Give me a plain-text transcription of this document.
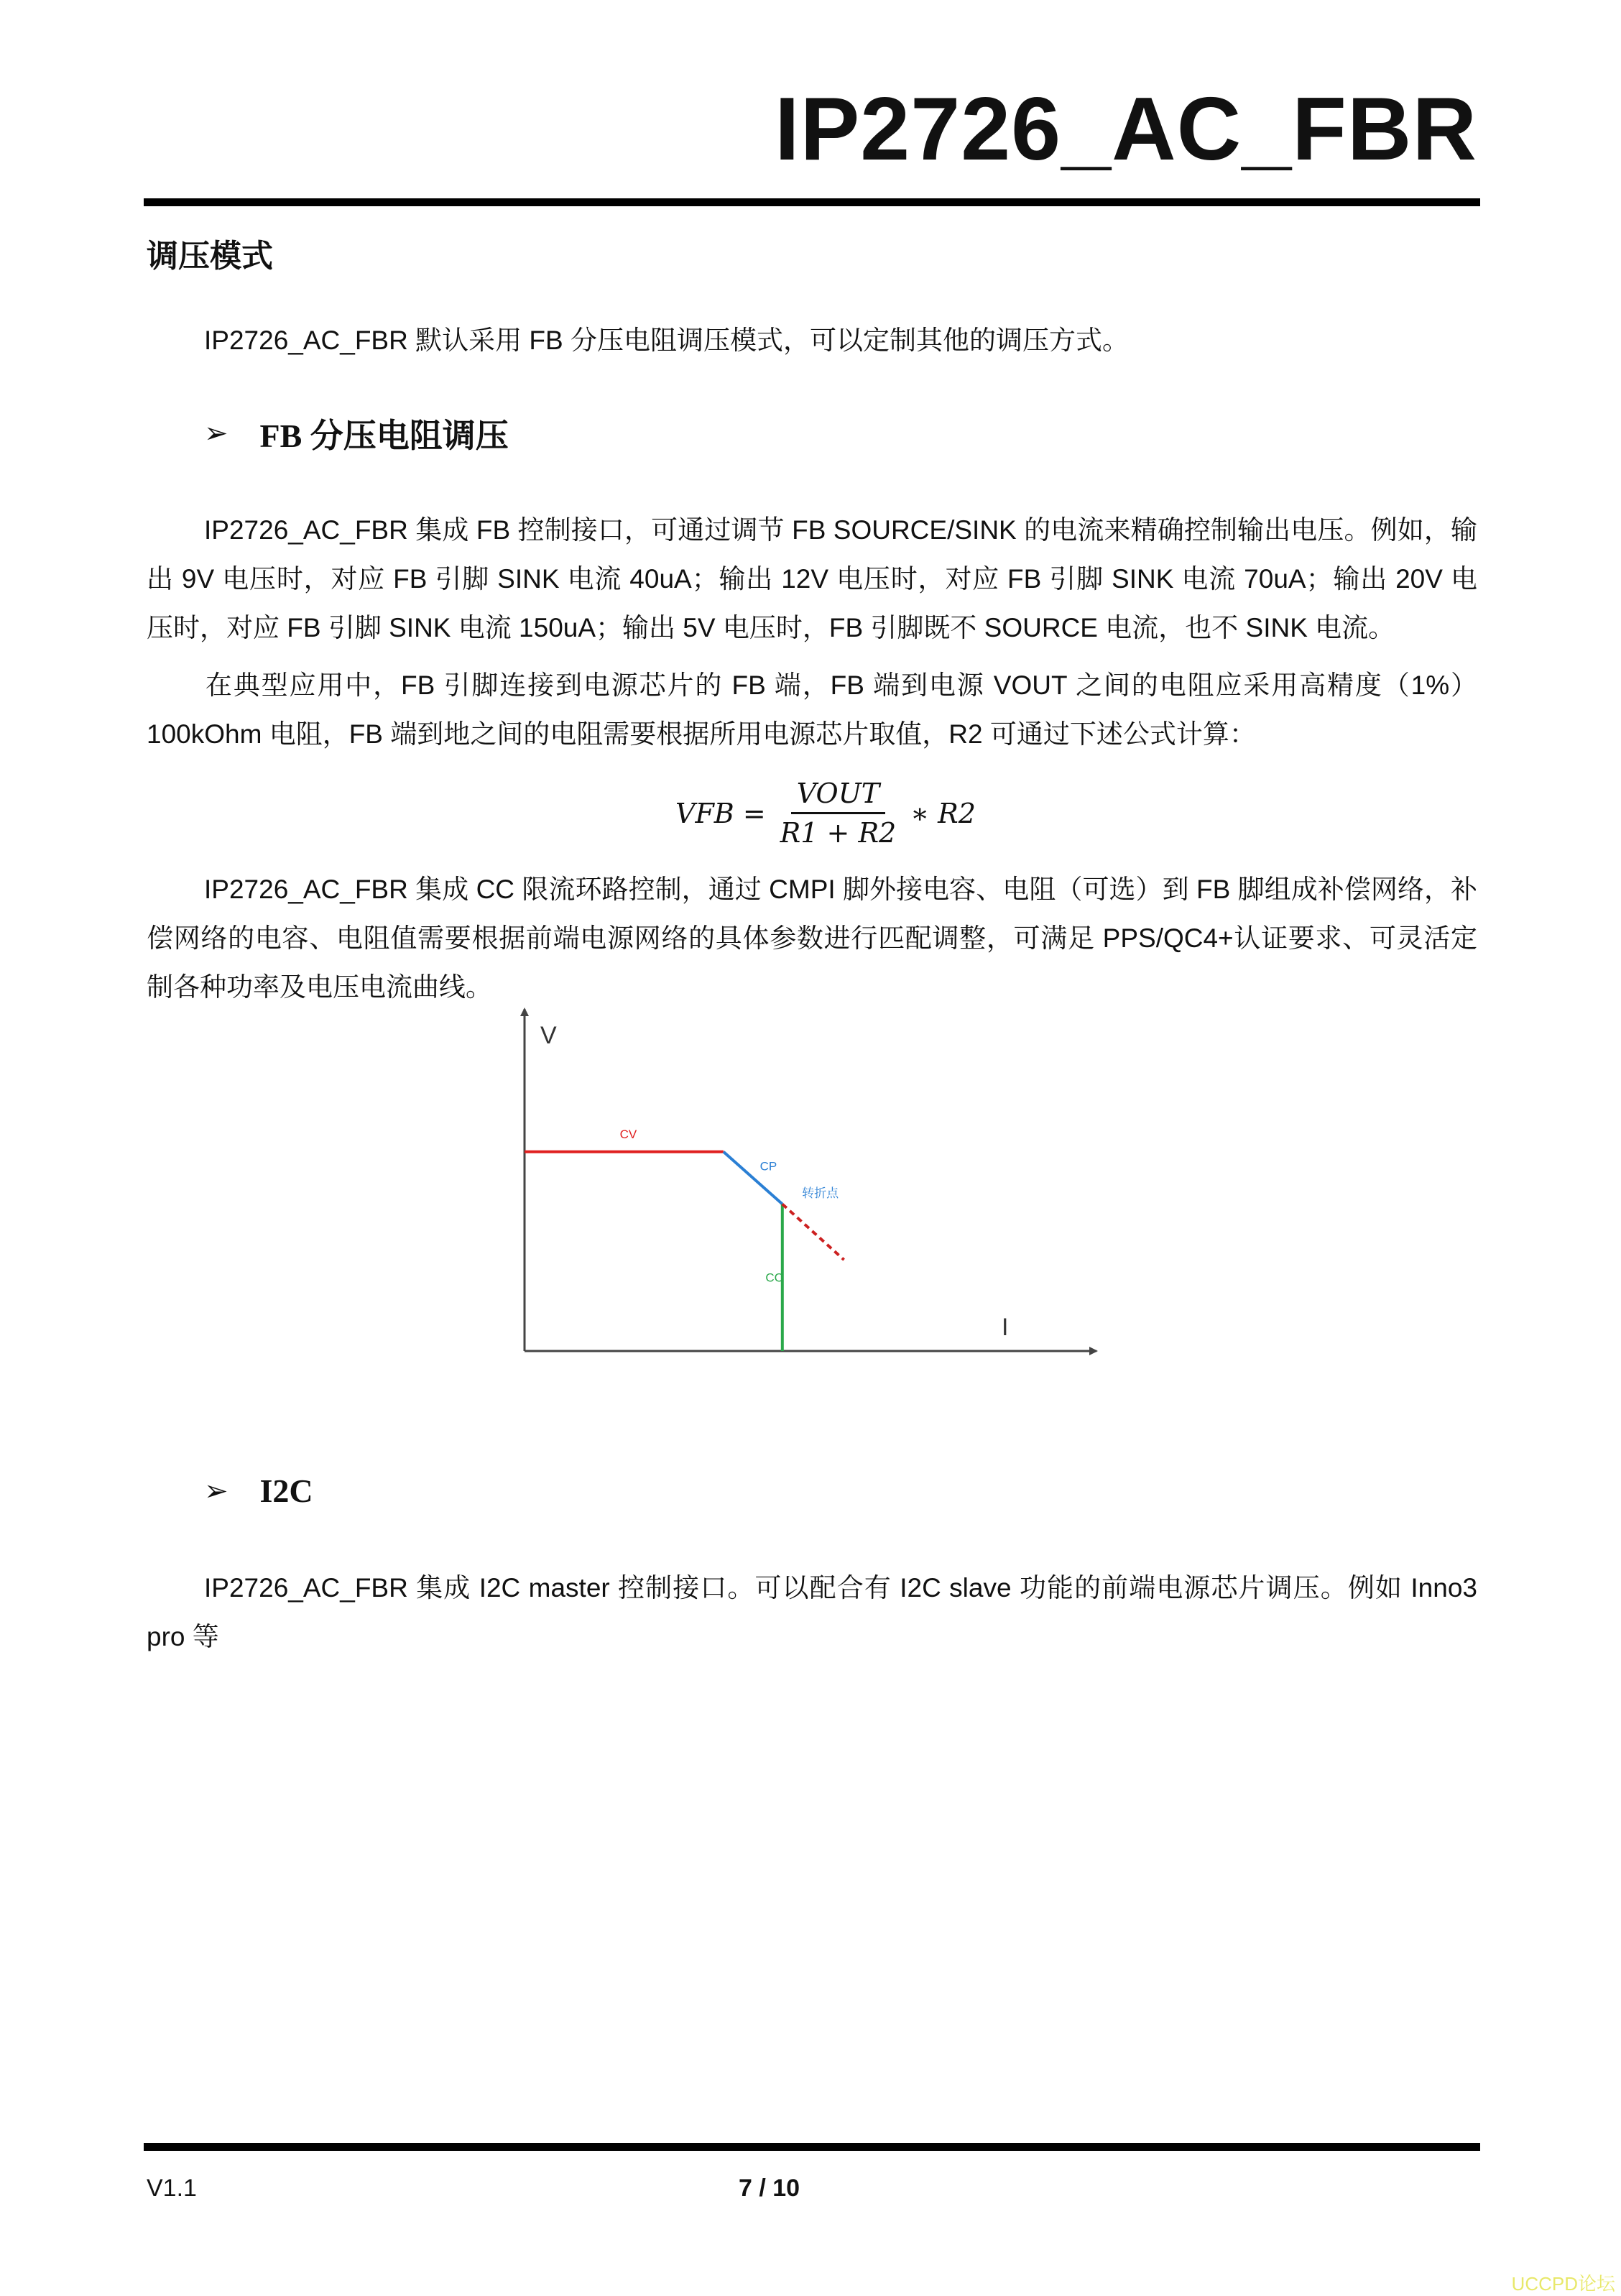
IP2726_AC_FBR
调压模式

IP2726_AC_FBR 默认采用 FB 分压电阻调压模式，可以定制其他的调压方式。

➢ FB 分压电阻调压

IP2726_AC_FBR 集成 FB 控制接口，可通过调节 FB SOURCE/SINK 的电流来精确控制输出电压。例如，输出 9V 电压时，对应 FB 引脚 SINK 电流 40uA；输出 12V 电压时，对应 FB 引脚 SINK 电流 70uA；输出 20V 电压时，对应 FB 引脚 SINK 电流 150uA；输出 5V 电压时，FB 引脚既不 SOURCE 电流，也不 SINK 电流。

在典型应用中，FB 引脚连接到电源芯片的 FB 端，FB 端到电源 VOUT 之间的电阻应采用高精度（1%）100kOhm 电阻，FB 端到地之间的电阻需要根据所用电源芯片取值，R2 可通过下述公式计算：

VFB = $\frac{\text{VOUT}}{R1 + R2}$ ∗ R2

IP2726_AC_FBR 集成 CC 限流环路控制，通过 CMPI 脚外接电容、电阻（可选）到 FB 脚组成补偿网络，补偿网络的电容、电阻值需要根据前端电源网络的具体参数进行匹配调整，可满足 PPS/QC4+认证要求、可灵活定制各种功率及电压电流曲线。

V
I
CV
CP
转折点
CC
➢ I2C

IP2726_AC_FBR 集成 I2C master 控制接口。可以配合有 I2C slave 功能的前端电源芯片调压。例如 Inno3 pro 等

V1.1	7 / 10
UCCPD论坛
